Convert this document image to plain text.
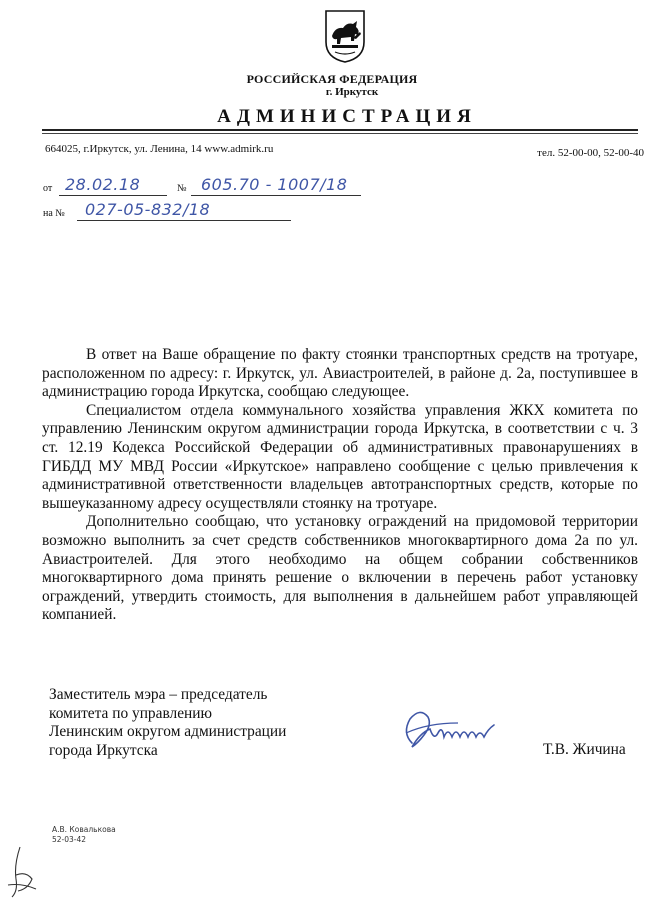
РОССИЙСКАЯ ФЕДЕРАЦИЯ
г. Иркутск
АДМИНИСТРАЦИЯ
664025, г.Иркутск, ул. Ленина, 14 www.admirk.ru	тел. 52-00-00, 52-00-40
от 28.02.18	№ 605.70 - 1007/18
на № 027-05-832/18

В ответ на Ваше обращение по факту стоянки транспортных средств на тротуаре, расположенном по адресу: г. Иркутск, ул. Авиастроителей, в районе д. 2а, поступившее в администрацию города Иркутска, сообщаю следующее.

Специалистом отдела коммунального хозяйства управления ЖКХ комитета по управлению Ленинским округом администрации города Иркутска, в соответствии с ч. 3 ст. 12.19 Кодекса Российской Федерации об административных правонарушениях в ГИБДД МУ МВД России «Иркутское» направлено сообщение с целью привлечения к административной ответственности владельцев автотранспортных средств, которые по вышеуказанному адресу осуществляли стоянку на тротуаре.

Дополнительно сообщаю, что установку ограждений на придомовой территории возможно выполнить за счет средств собственников многоквартирного дома 2а по ул. Авиастроителей. Для этого необходимо на общем собрании собственников многоквартирного дома принять решение о включении в перечень работ установку ограждений, утвердить стоимость, для выполнения в дальнейшем работ управляющей компанией.

Заместитель мэра – председатель
комитета по управлению
Ленинским округом администрации
города Иркутска	Т.В. Жичина
А.В. Ковалькова
52-03-42
